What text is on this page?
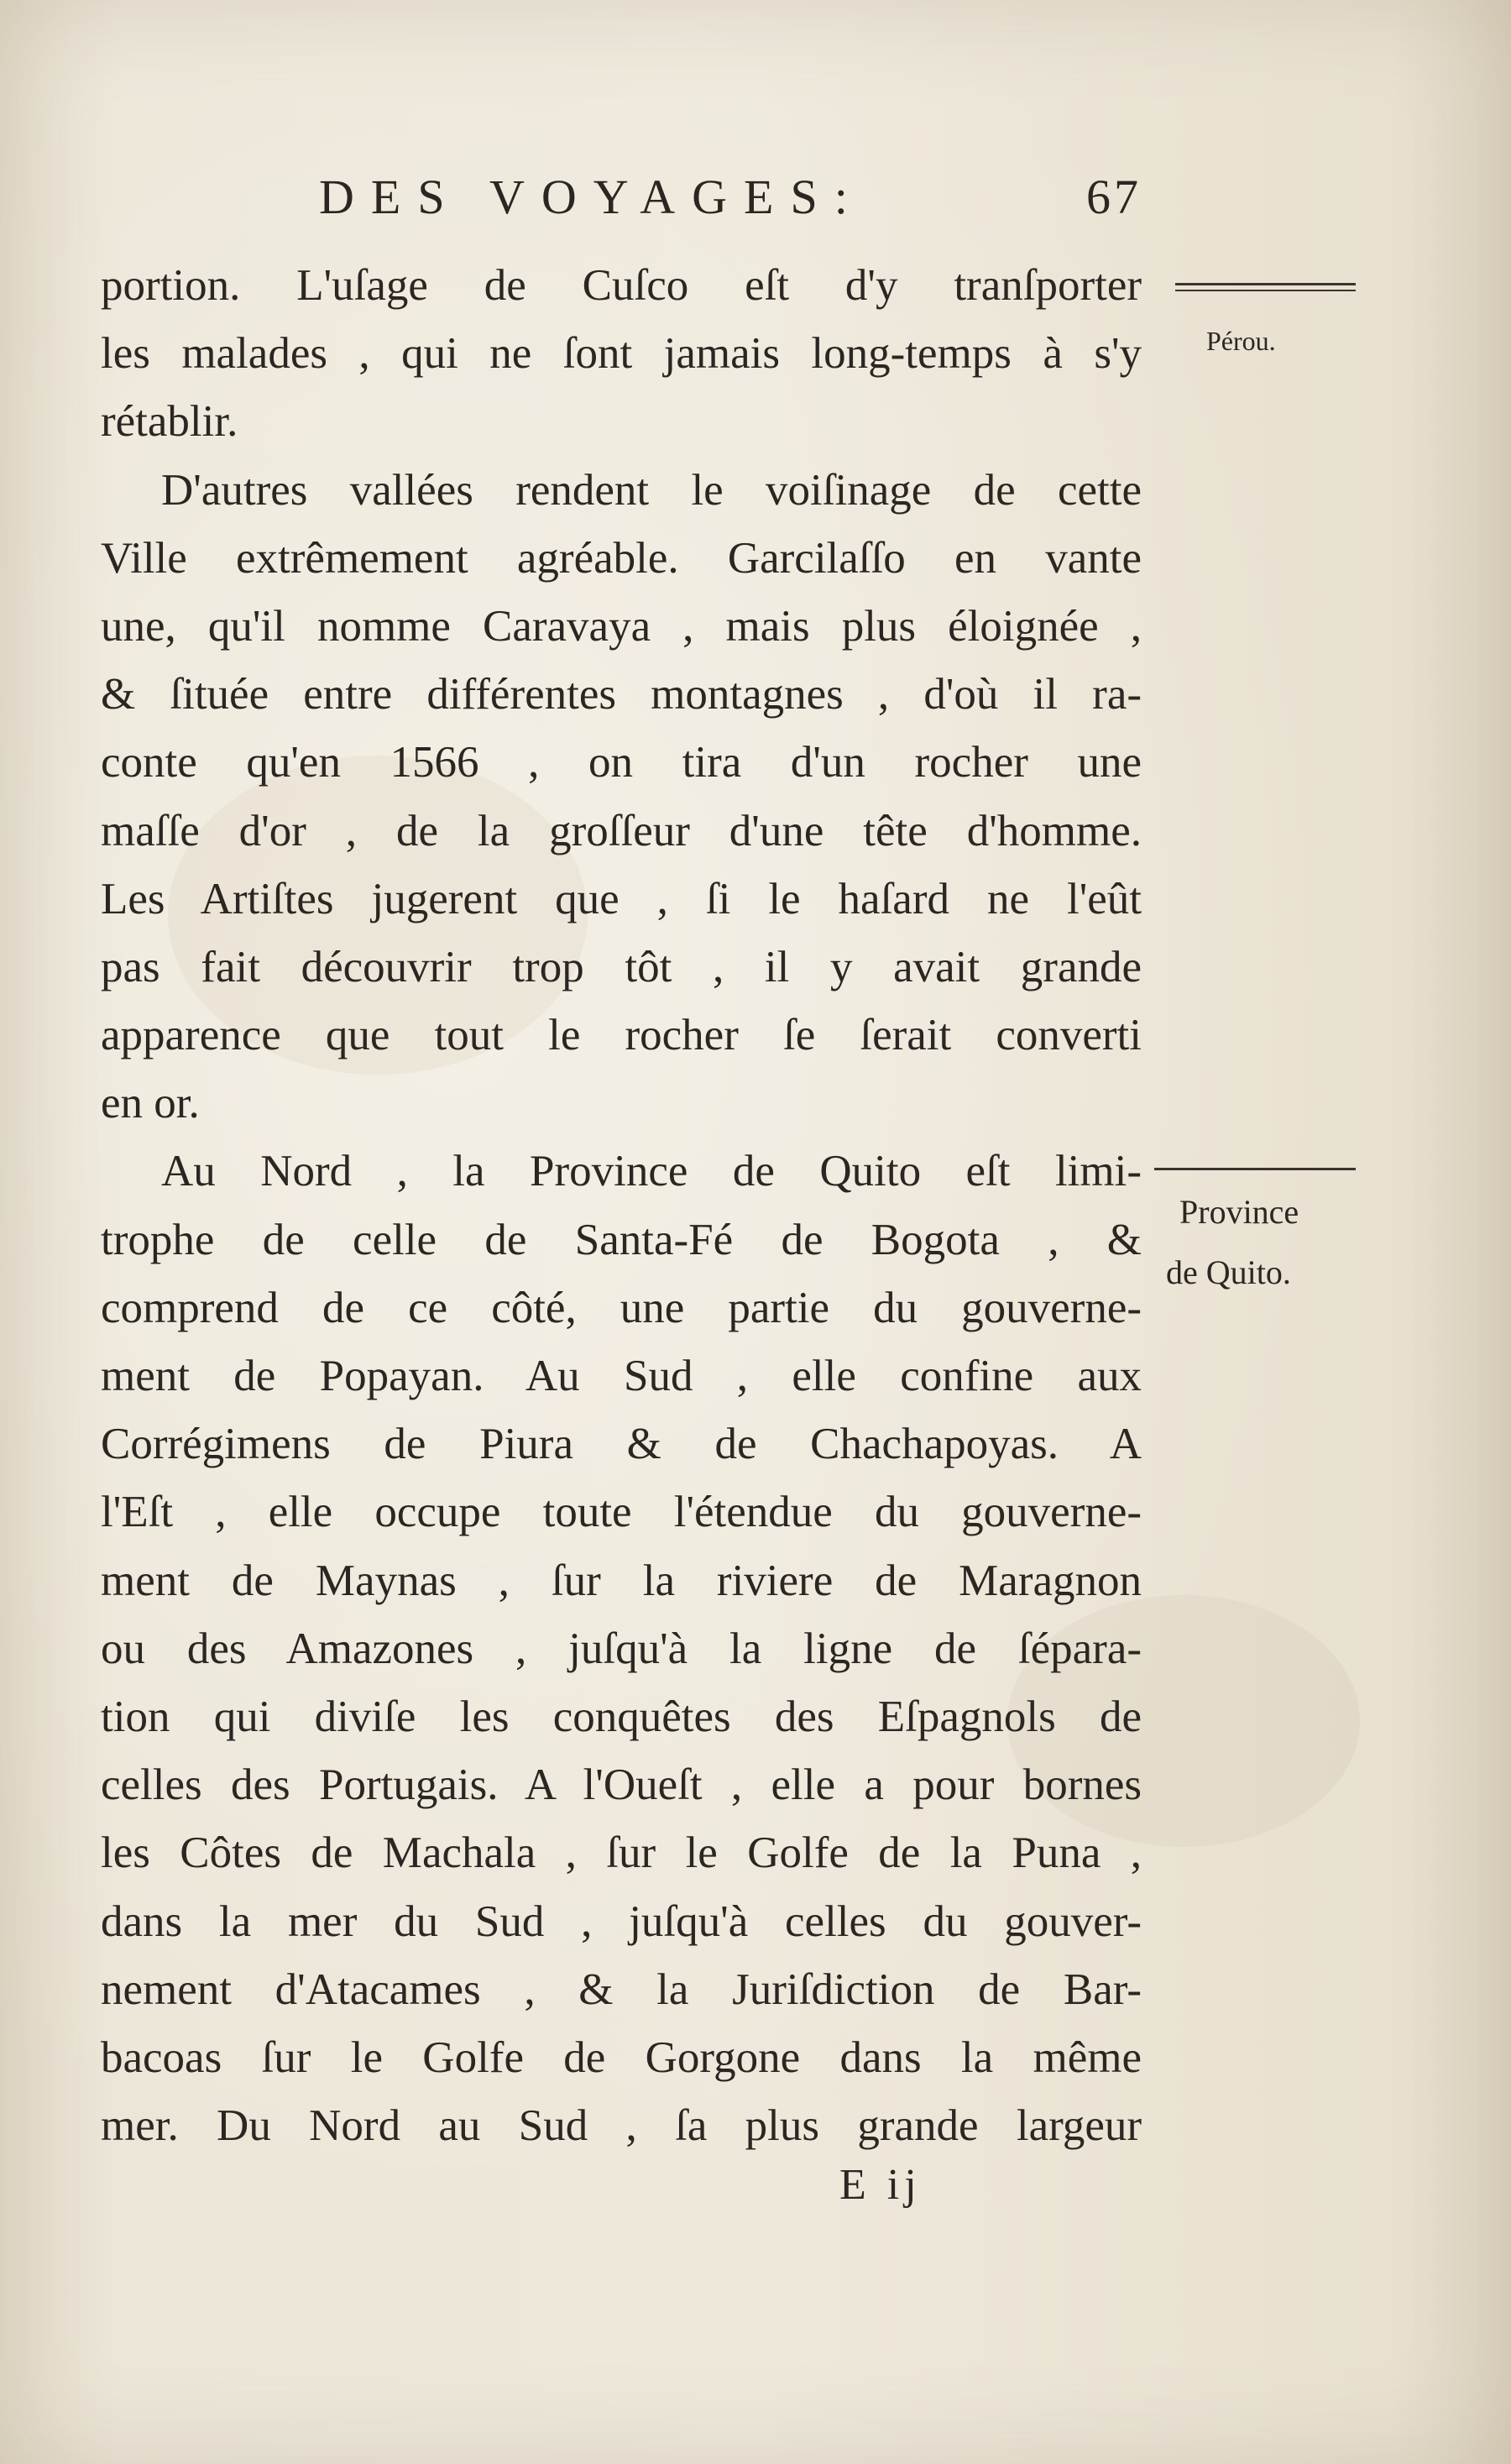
DES VOYAGES:	67
portion. L'uſage de Cuſco eſt d'y tranſporter
les malades , qui ne ſont jamais long-temps à s'y
rétablir.
D'autres vallées rendent le voiſinage de cette
Ville extrêmement agréable. Garcilaſſo en vante
une, qu'il nomme Caravaya , mais plus éloignée ,
& ſituée entre différentes montagnes , d'où il ra-
conte qu'en 1566 , on tira d'un rocher une
maſſe d'or , de la groſſeur d'une tête d'homme.
Les Artiſtes jugerent que , ſi le haſard ne l'eût
pas fait découvrir trop tôt , il y avait grande
apparence que tout le rocher ſe ſerait converti
en or.
Au Nord , la Province de Quito eſt limi-
trophe de celle de Santa-Fé de Bogota , &
comprend de ce côté, une partie du gouverne-
ment de Popayan. Au Sud , elle confine aux
Corrégimens de Piura & de Chachapoyas. A
l'Eſt , elle occupe toute l'étendue du gouverne-
ment de Maynas , ſur la riviere de Maragnon
ou des Amazones , juſqu'à la ligne de ſépara-
tion qui diviſe les conquêtes des Eſpagnols de
celles des Portugais. A l'Oueſt , elle a pour bornes
les Côtes de Machala , ſur le Golfe de la Puna ,
dans la mer du Sud , juſqu'à celles du gouver-
nement d'Atacames , & la Juriſdiction de Bar-
bacoas ſur le Golfe de Gorgone dans la même
mer. Du Nord au Sud , ſa plus grande largeur
Pérou.
Province
de Quito.
E ij
